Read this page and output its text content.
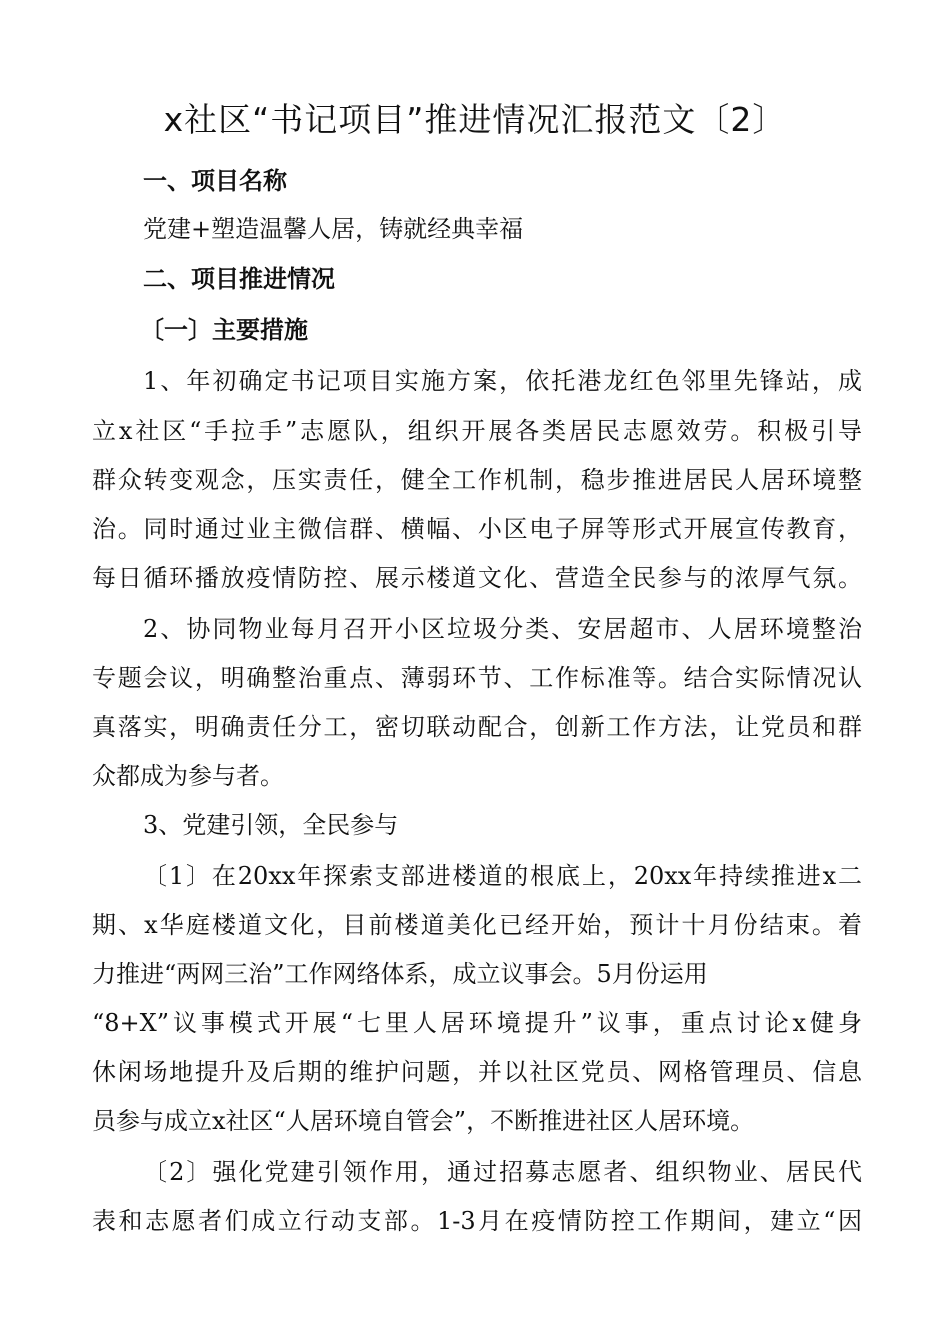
x社区“书记项目”推进情况汇报范文〔2〕

一、项目名称

党建+塑造温馨人居，铸就经典幸福

二、项目推进情况

〔一〕主要措施

1、年初确定书记项目实施方案，依托港龙红色邻里先锋站，成

立x社区“手拉手”志愿队，组织开展各类居民志愿效劳。积极引导

群众转变观念，压实责任，健全工作机制，稳步推进居民人居环境整

治。同时通过业主微信群、横幅、小区电子屏等形式开展宣传教育，

每日循环播放疫情防控、展示楼道文化、营造全民参与的浓厚气氛。

2、协同物业每月召开小区垃圾分类、安居超市、人居环境整治

专题会议，明确整治重点、薄弱环节、工作标准等。结合实际情况认

真落实，明确责任分工，密切联动配合，创新工作方法，让党员和群

众都成为参与者。

3、党建引领，全民参与

〔1〕在20xx年探索支部进楼道的根底上，20xx年持续推进x二

期、x华庭楼道文化，目前楼道美化已经开始，预计十月份结束。着

力推进“两网三治”工作网络体系，成立议事会。5月份运用

“8+X”议事模式开展“七里人居环境提升”议事，重点讨论x健身

休闲场地提升及后期的维护问题，并以社区党员、网格管理员、信息

员参与成立x社区“人居环境自管会”，不断推进社区人居环境。

〔2〕强化党建引领作用，通过招募志愿者、组织物业、居民代

表和志愿者们成立行动支部。1-3月在疫情防控工作期间，建立“因
